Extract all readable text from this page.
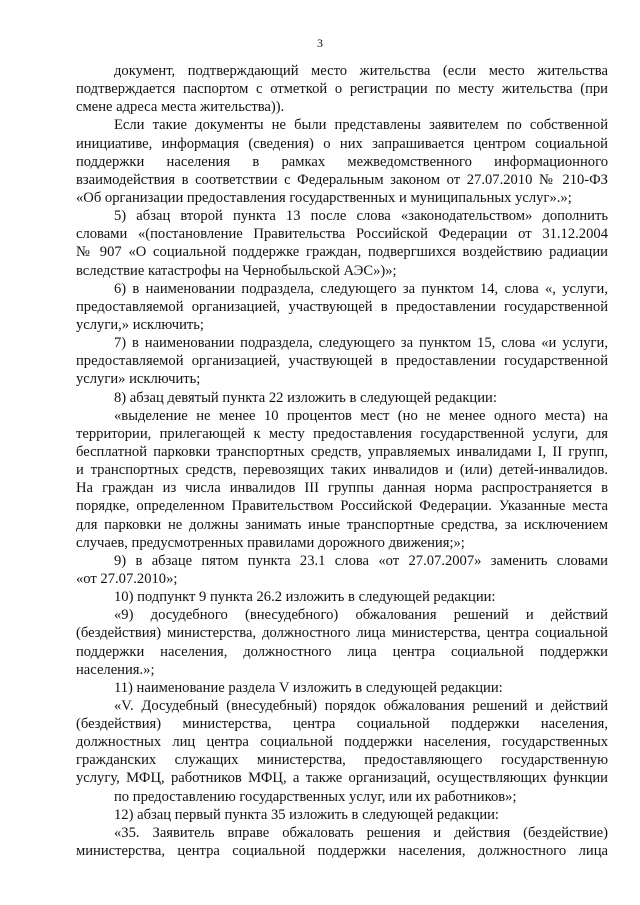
3
документ, подтверждающий место жительства (если место жительства
подтверждается паспортом с отметкой о регистрации по месту жительства (при
смене адреса места жительства)).
Если такие документы не были представлены заявителем по собственной
инициативе, информация (сведения) о них запрашивается центром социальной
поддержки населения в рамках межведомственного информационного
взаимодействия в соответствии с Федеральным законом от 27.07.2010 № 210-ФЗ
«Об организации предоставления государственных и муниципальных услуг».»;
5) абзац второй пункта 13 после слова «законодательством» дополнить
словами «(постановление Правительства Российской Федерации от 31.12.2004
№ 907 «О социальной поддержке граждан, подвергшихся воздействию радиации
вследствие катастрофы на Чернобыльской АЭС»)»;
6) в наименовании подраздела, следующего за пунктом 14, слова «, услуги,
предоставляемой организацией, участвующей в предоставлении государственной
услуги,» исключить;
7) в наименовании подраздела, следующего за пунктом 15, слова «и услуги,
предоставляемой организацией, участвующей в предоставлении государственной
услуги» исключить;
8) абзац девятый пункта 22 изложить в следующей редакции:
«выделение не менее 10 процентов мест (но не менее одного места) на
территории, прилегающей к месту предоставления государственной услуги, для
бесплатной парковки транспортных средств, управляемых инвалидами I, II групп,
и транспортных средств, перевозящих таких инвалидов и (или) детей-инвалидов.
На граждан из числа инвалидов III группы данная норма распространяется в
порядке, определенном Правительством Российской Федерации. Указанные места
для парковки не должны занимать иные транспортные средства, за исключением
случаев, предусмотренных правилами дорожного движения;»;
9) в абзаце пятом пункта 23.1 слова «от 27.07.2007» заменить словами
«от 27.07.2010»;
10) подпункт 9 пункта 26.2 изложить в следующей редакции:
«9) досудебного (внесудебного) обжалования решений и действий
(бездействия) министерства, должностного лица министерства, центра социальной
поддержки населения, должностного лица центра социальной поддержки
населения.»;
11) наименование раздела V изложить в следующей редакции:
«V. Досудебный (внесудебный) порядок обжалования решений и действий
(бездействия) министерства, центра социальной поддержки населения,
должностных лиц центра социальной поддержки населения, государственных
гражданских служащих министерства, предоставляющего государственную
услугу, МФЦ, работников МФЦ, а также организаций, осуществляющих функции
по предоставлению государственных услуг, или их работников»;
12) абзац первый пункта 35 изложить в следующей редакции:
«35. Заявитель вправе обжаловать решения и действия (бездействие)
министерства, центра социальной поддержки населения, должностного лица
